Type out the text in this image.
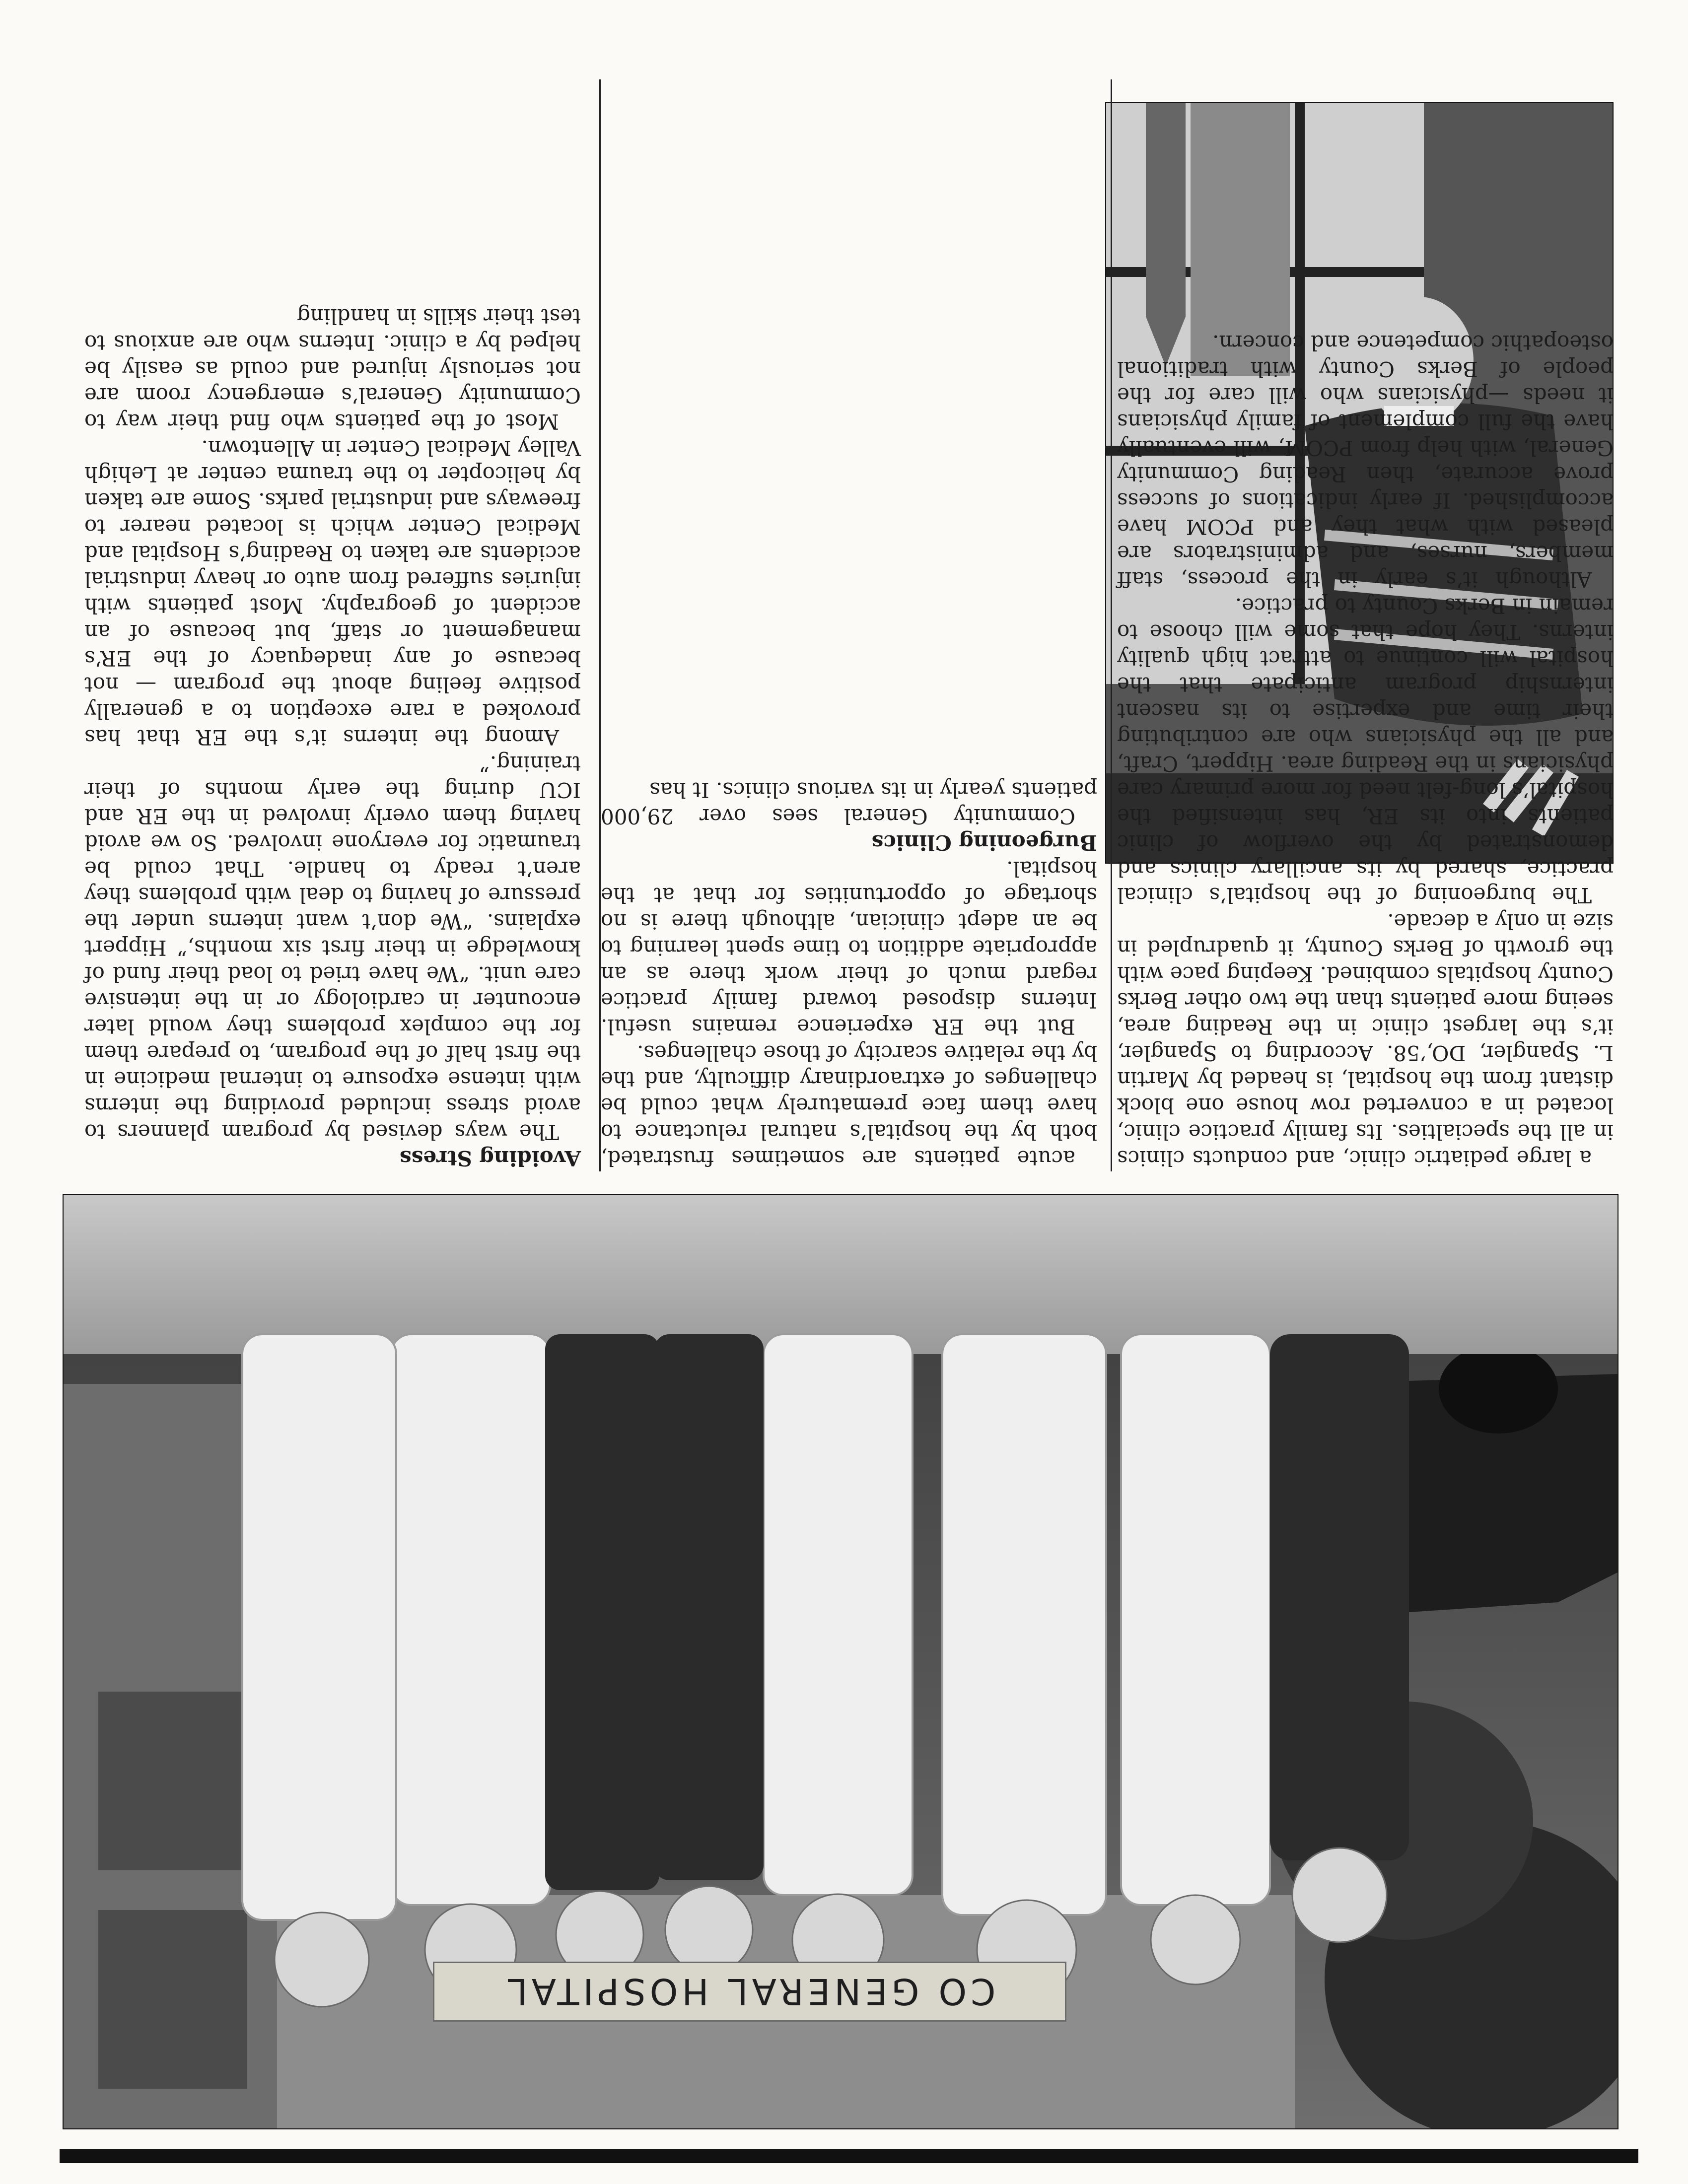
CO GENERAL HOSPITAL
Avoiding Stress

The ways devised by program planners to avoid stress included providing the interns with intense exposure to internal medicine in the first half of the program, to prepare them for the complex problems they would later encounter in cardiology or in the intensive care unit. “We have tried to load their fund of knowledge in their first six months,” Hippert explains. “We don’t want interns under the pressure of having to deal with problems they aren’t ready to handle. That could be traumatic for everyone involved. So we avoid having them overly involved in the ER and ICU during the early months of their training.”

Among the interns it’s the ER that has provoked a rare exception to a generally positive feeling about the program — not because of any inadequacy of the ER’s management or staff, but because of an accident of geography. Most patients with injuries suffered from auto or heavy industrial accidents are taken to Reading’s Hospital and Medical Center which is located nearer to freeways and industrial parks. Some are taken by helicopter to the trauma center at Lehigh Valley Medical Center in Allentown.

Most of the patients who find their way to Community General’s emergency room are not seriously injured and could as easily be helped by a clinic. Interns who are anxious to test their skills in handling

acute patients are sometimes frustrated, both by the hospital’s natural reluctance to have them face prematurely what could be challenges of extraordinary difficulty, and the by the relative scarcity of those challenges.

But the ER experience remains useful. Interns disposed toward family practice regard much of their work there as an appropriate addition to time spent learning to be an adept clinician, although there is no shortage of opportunities for that at the hospital.

Burgeoning Clinics

Community General sees over 29,000 patients yearly in its various clinics. It has

a large pediatric clinic, and conducts clinics in all the specialties. Its family practice clinic, located in a converted row house one block distant from the hospital, is headed by Martin L. Spangler, DO,’58. According to Spangler, it’s the largest clinic in the Reading area, seeing more patients than the two other Berks County hospitals combined. Keeping pace with the growth of Berks County, it quadrupled in size in only a decade.

The burgeoning of the hospital’s clinical practice, shared by its ancillary clinics and demonstrated by the overflow of clinic patients into its ER, has intensified the hospital’s long-felt need for more primary care physicians in the Reading area. Hippert, Craft, and all the physicians who are contributing their time and expertise to its nascent internship program anticipate that the hospital will continue to attract high quality interns. They hope that some will choose to remain in Berks County to practice.

Although it’s early in the process, staff members, nurses, and administrators are pleased with what they and PCOM have accomplished. If early indications of success prove accurate, then Reading Community General, with help from PCOM, will eventually have the full complement of family physicians it needs —physicians who will care for the people of Berks County with traditional osteopathic competence and concern.
